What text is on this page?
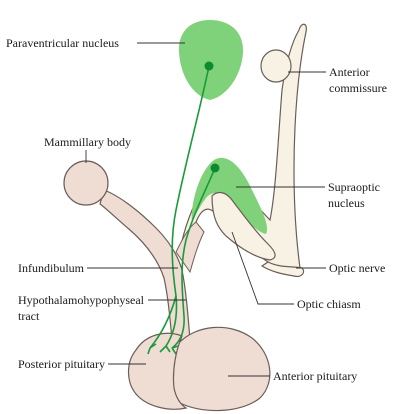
Paraventricular nucleus
Anterior
commissure
Mammillary body
Supraoptic
nucleus
Infundibulum	Optic nerve
Hypothalamohypophyseal
tract
Optic chiasm
Posterior pituitary
Anterior pituitary
